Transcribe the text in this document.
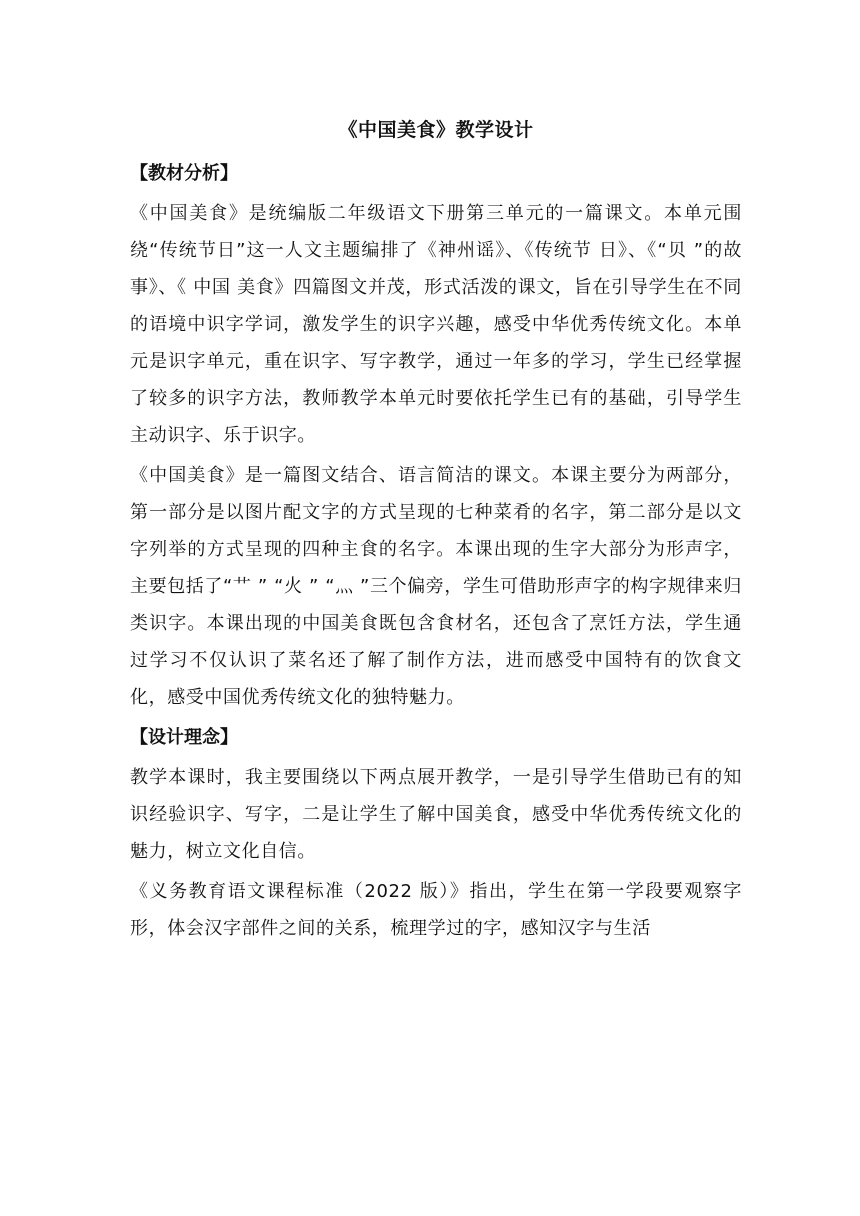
《中国美食》教学设计
【教材分析】

《中国美食》是统编版二年级语文下册第三单元的一篇课文。本单元围绕“传统节日”这一人文主题编排了《神州谣》、《传统节 日》、《“贝 ”的故事》、《 中国 美食》四篇图文并茂，形式活泼的课文，旨在引导学生在不同的语境中识字学词，激发学生的识字兴趣，感受中华优秀传统文化。本单元是识字单元，重在识字、写字教学，通过一年多的学习，学生已经掌握了较多的识字方法，教师教学本单元时要依托学生已有的基础，引导学生主动识字、乐于识字。

《中国美食》是一篇图文结合、语言简洁的课文。本课主要分为两部分，第一部分是以图片配文字的方式呈现的七种菜肴的名字，第二部分是以文字列举的方式呈现的四种主食的名字。本课出现的生字大部分为形声字，主要包括了“艹 ” “火 ” “灬 ”三个偏旁，学生可借助形声字的构字规律来归类识字。本课出现的中国美食既包含食材名，还包含了烹饪方法，学生通过学习不仅认识了菜名还了解了制作方法，进而感受中国特有的饮食文化，感受中国优秀传统文化的独特魅力。

【设计理念】

教学本课时，我主要围绕以下两点展开教学，一是引导学生借助已有的知识经验识字、写字，二是让学生了解中国美食，感受中华优秀传统文化的魅力，树立文化自信。

《义务教育语文课程标准（2022 版）》指出，学生在第一学段要观察字形，体会汉字部件之间的关系，梳理学过的字，感知汉字与生活
